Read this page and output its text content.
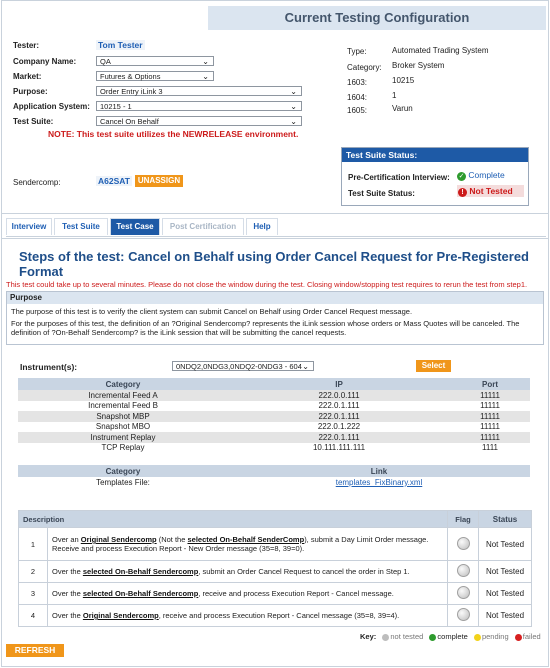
Current Testing Configuration
Tester:	Tom Tester
Company Name:	QA	⌄
Market:	Futures & Options	⌄
Purpose:	Order Entry iLink 3	⌄
Application System:	10215 - 1	⌄
Test Suite:	Cancel On Behalf	⌄
NOTE: This test suite utilizes the NEWRELEASE environment.
Sendercomp:	A62SAT UNASSIGN
Type:	Automated Trading System
Category: Broker System
1603:	10215
1604:	1
1605:	Varun
Test Suite Status:
Pre-Certification Interview: ✓ Complete
Test Suite Status:	! Not Tested
Interview	Test Suite	Test Case	Post Certification	Help
Steps of the test: Cancel on Behalf using Order Cancel Request for Pre-Registered Format
This test could take up to several minutes. Please do not close the window during the test. Closing window/stopping test requires to rerun the test from step1.
Purpose

The purpose of this test is to verify the client system can submit Cancel on Behalf using Order Cancel Request message.

For the purposes of this test, the definition of an ?Original Sendercomp? represents the iLink session whose orders or Mass Quotes will be canceled. The definition of ?On-Behalf Sendercomp? is the iLink session that will be submitting the cancel requests.

Instrument(s):	0NDQ2,0NDG3,0NDQ2-0NDG3 - 604 ⌄	Select
Category	IP	Port
Incremental Feed A	222.0.0.111	11111
Incremental Feed B	222.0.1.111	11111
Snapshot MBP	222.0.1.111	11111
Snapshot MBO	222.0.1.222	11111
Instrument Replay	222.0.1.111	11111
TCP Replay	10.111.111.111	1111
Category	Link
Templates File:	templates_FixBinary.xml
Description		Flag	Status
1	Over an Original Sendercomp (Not the selected On-Behalf SenderComp), submit a Day Limit Order message. Receive and process Execution Report - New Order message (35=8, 39=0).		Not Tested
2	Over the selected On-Behalf Sendercomp, submit an Order Cancel Request to cancel the order in Step 1.		Not Tested
3	Over the selected On-Behalf Sendercomp, receive and process Execution Report - Cancel message.		Not Tested
4	Over the Original Sendercomp, receive and process Execution Report - Cancel message (35=8, 39=4).		Not Tested
Key: not tested complete pending failed
REFRESH
